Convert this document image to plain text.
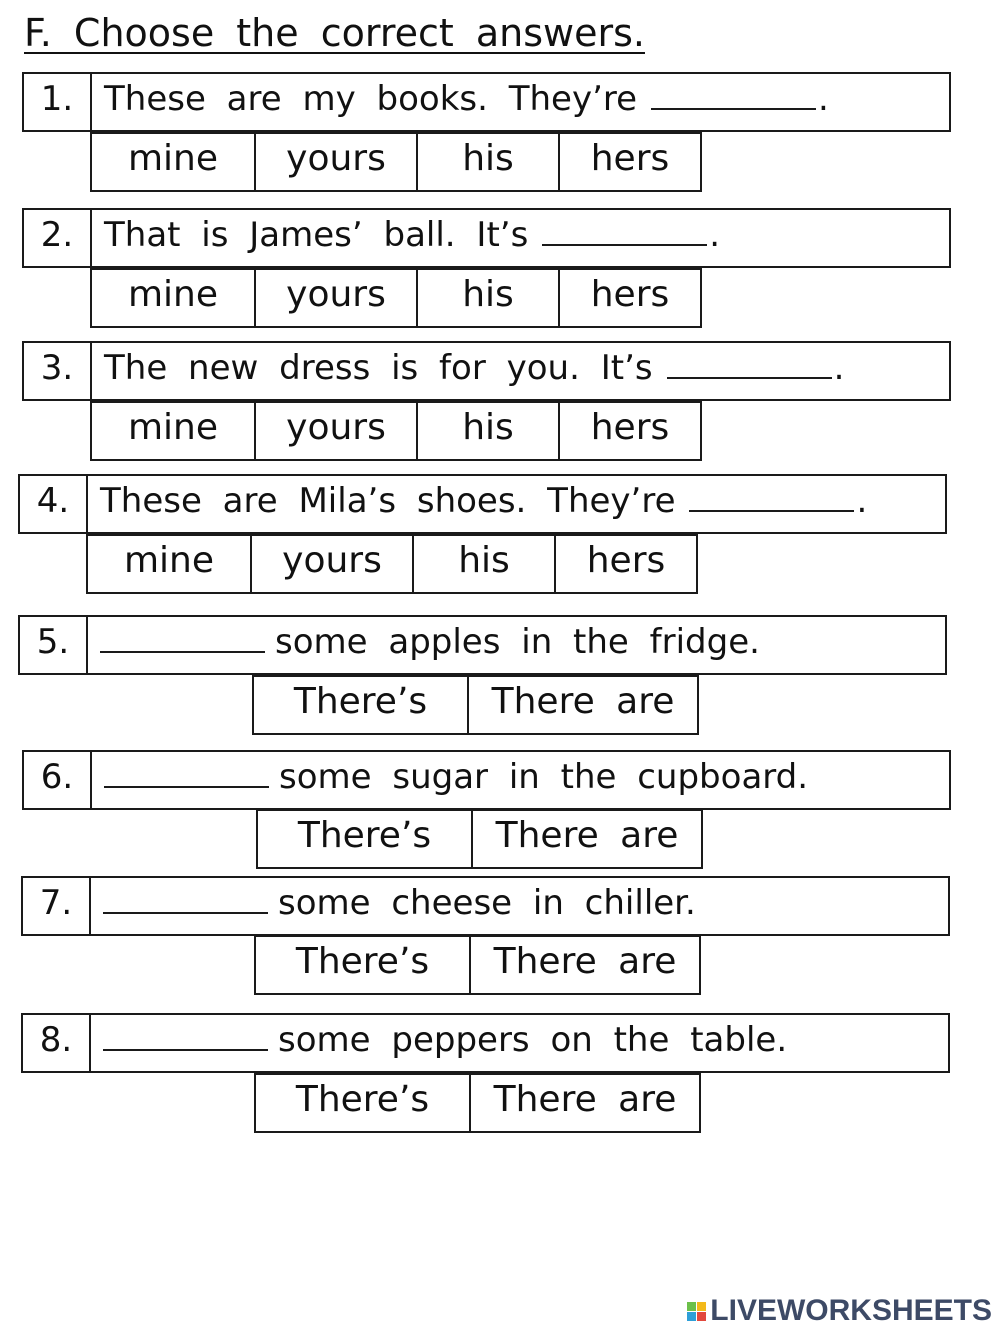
F. Choose the correct answers.
1. These are my books. They’re	.
mine	yours	his	hers
2. That is James’ ball. It’s	.
mine	yours	his	hers
3. The new dress is for you. It’s	.
mine	yours	his	hers
4. These are Mila’s shoes. They’re	.
mine	yours	his	hers
5.	some apples in the fridge.
There’s	There are
6.	some sugar in the cupboard.
There’s	There are
7.	some cheese in chiller.
There’s	There are
8.	some peppers on the table.
There’s	There are
LIVEWORKSHEETS
